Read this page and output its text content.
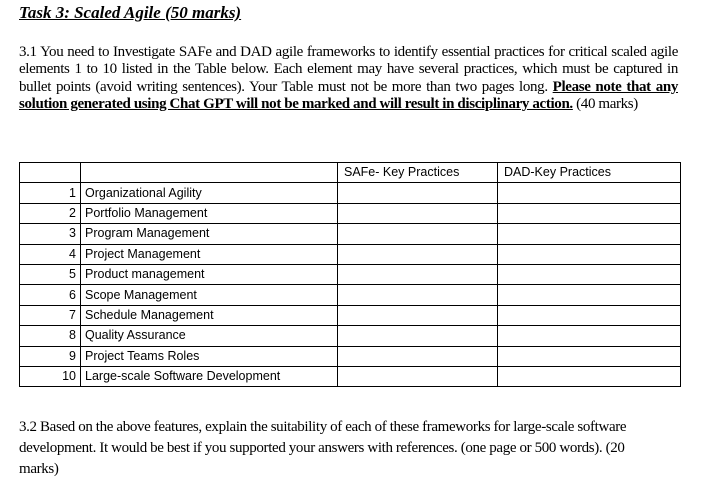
Task 3: Scaled Agile (50 marks)
3.1 You need to Investigate SAFe and DAD agile frameworks to identify essential practices for critical scaled agile elements 1 to 10 listed in the Table below. Each element may have several practices, which must be captured in bullet points (avoid writing sentences). Your Table must not be more than two pages long. Please note that any solution generated using Chat GPT will not be marked and will result in disciplinary action. (40 marks)
		SAFe- Key Practices	DAD-Key Practices
1	Organizational Agility		
2	Portfolio Management		
3	Program Management		
4	Project Management		
5	Product management		
6	Scope Management		
7	Schedule Management		
8	Quality Assurance		
9	Project Teams Roles		
10	Large-scale Software Development		
3.2 Based on the above features, explain the suitability of each of these frameworks for large-scale software development. It would be best if you supported your answers with references. (one page or 500 words). (20 marks)
